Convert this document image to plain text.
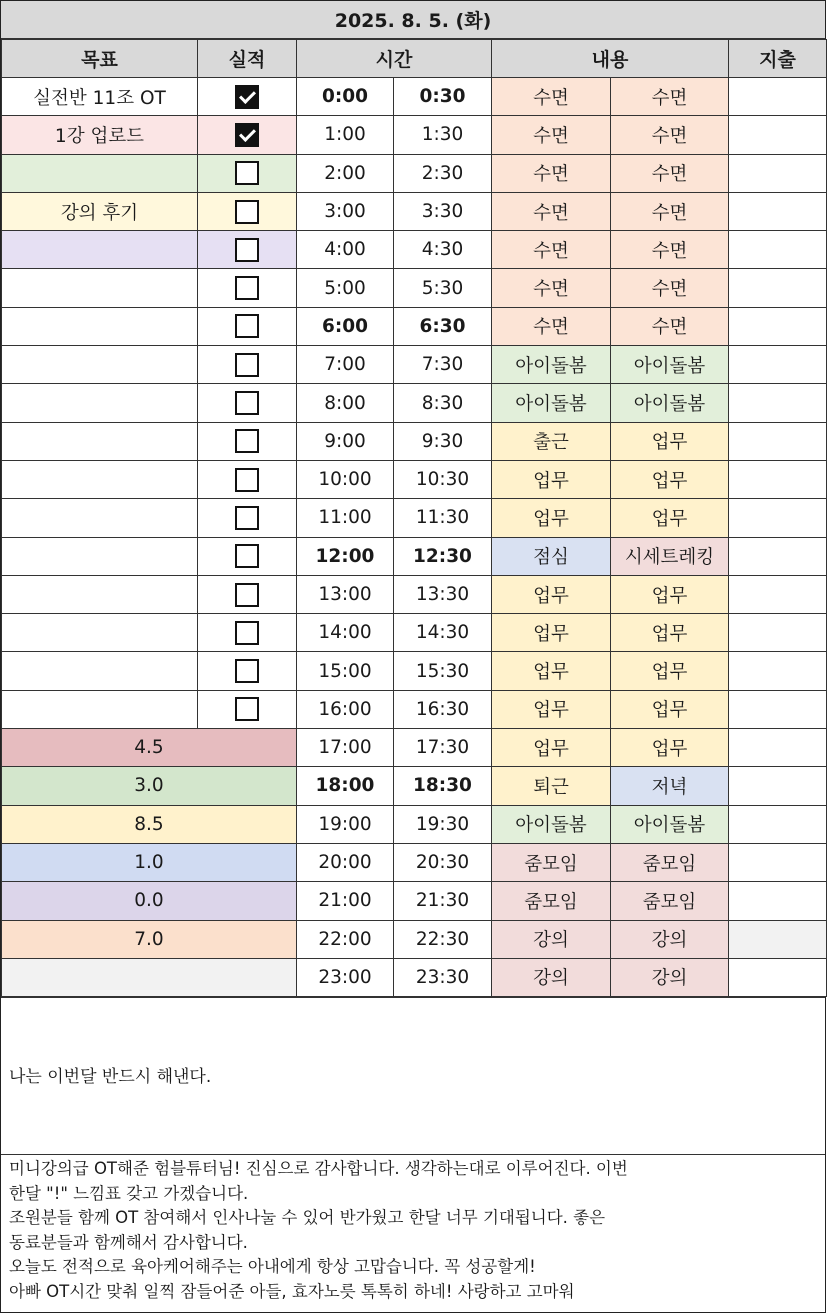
2025. 8. 5. (화)
목표	실적	시간		내용		지출
실전반 11조 OT		0:00	0:30	수면	수면	
1강 업로드		1:00	1:30	수면	수면	
		2:00	2:30	수면	수면	
강의 후기		3:00	3:30	수면	수면	
		4:00	4:30	수면	수면	
		5:00	5:30	수면	수면	
		6:00	6:30	수면	수면	
		7:00	7:30	아이돌봄	아이돌봄	
		8:00	8:30	아이돌봄	아이돌봄	
		9:00	9:30	출근	업무	
		10:00	10:30	업무	업무	
		11:00	11:30	업무	업무	
		12:00	12:30	점심	시세트레킹	
		13:00	13:30	업무	업무	
		14:00	14:30	업무	업무	
		15:00	15:30	업무	업무	
		16:00	16:30	업무	업무	
4.5		17:00	17:30	업무	업무	
3.0		18:00	18:30	퇴근	저녁	
8.5		19:00	19:30	아이돌봄	아이돌봄	
1.0		20:00	20:30	줌모임	줌모임	
0.0		21:00	21:30	줌모임	줌모임	
7.0		22:00	22:30	강의	강의	
		23:00	23:30	강의	강의	
나는 이번달 반드시 해낸다.
미니강의급 OT해준 험블튜터님! 진심으로 감사합니다. 생각하는대로 이루어진다. 이번
한달 "!" 느낌표 갖고 가겠습니다.
조원분들 함께 OT 참여해서 인사나눌 수 있어 반가웠고 한달 너무 기대됩니다. 좋은
동료분들과 함께해서 감사합니다.
오늘도 전적으로 육아케어해주는 아내에게 항상 고맙습니다. 꼭 성공할게!
아빠 OT시간 맞춰 일찍 잠들어준 아들, 효자노릇 톡톡히 하네! 사랑하고 고마워
